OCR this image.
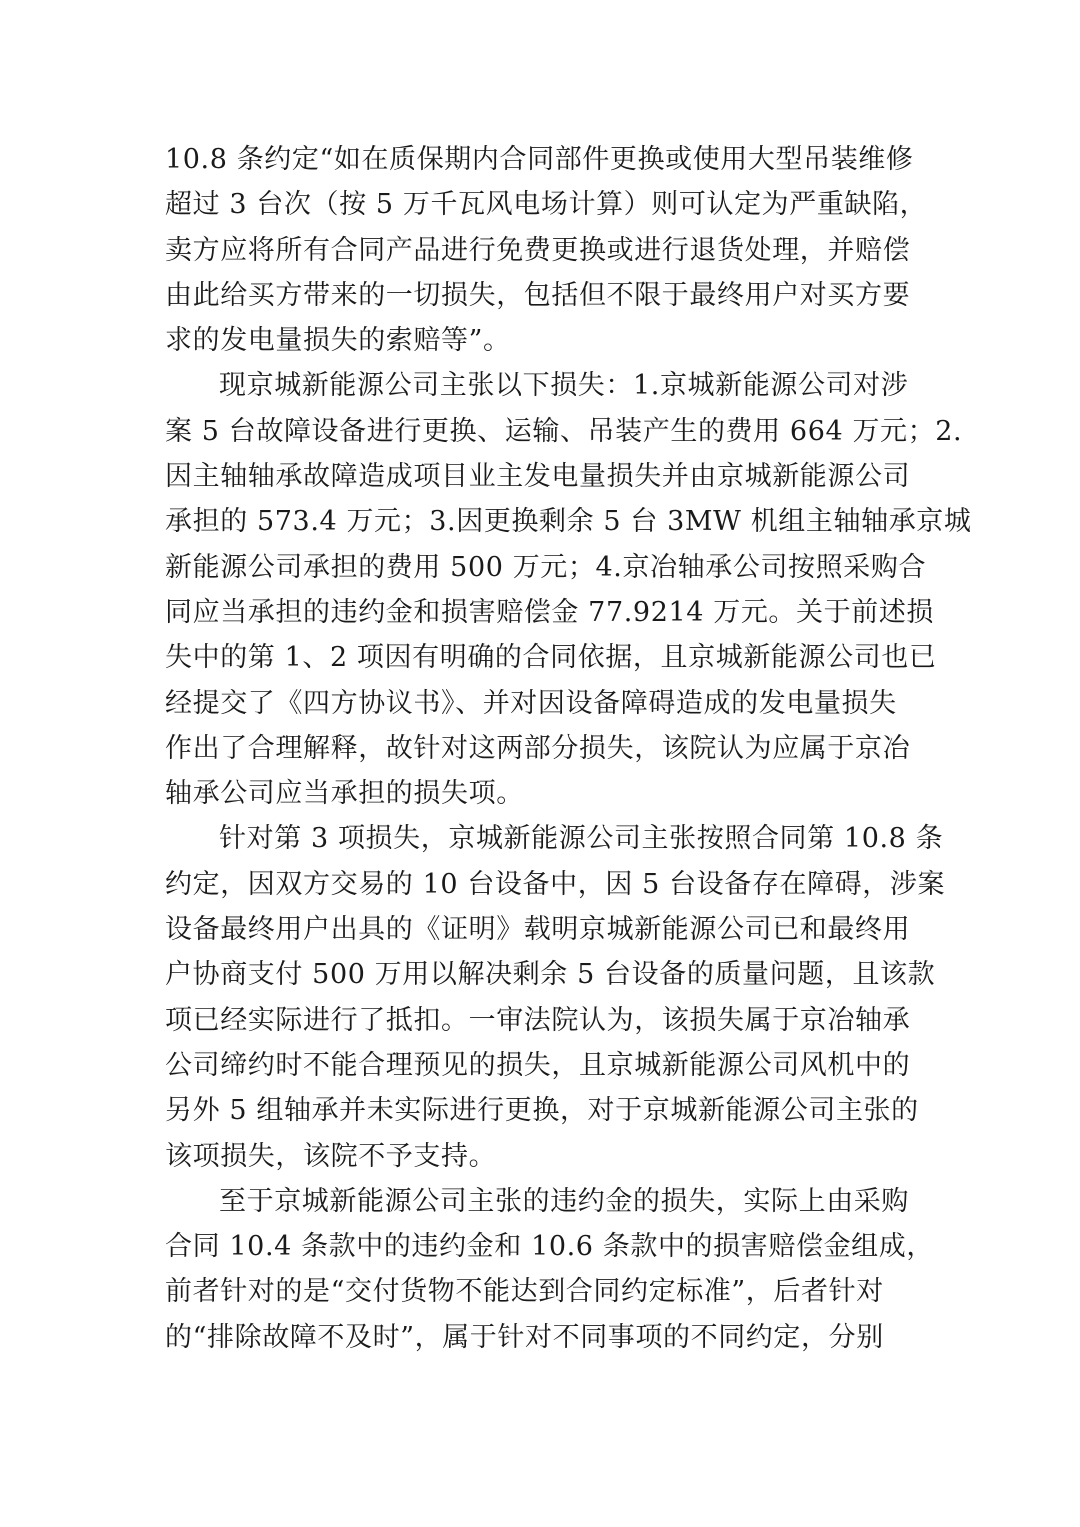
10.8 条约定“如在质保期内合同部件更换或使用大型吊装维修
超过 3 台次（按 5 万千瓦风电场计算）则可认定为严重缺陷，
卖方应将所有合同产品进行免费更换或进行退货处理，并赔偿
由此给买方带来的一切损失，包括但不限于最终用户对买方要
求的发电量损失的索赔等”。
现京城新能源公司主张以下损失：1.京城新能源公司对涉
案 5 台故障设备进行更换、运输、吊装产生的费用 664 万元；2.
因主轴轴承故障造成项目业主发电量损失并由京城新能源公司
承担的 573.4 万元；3.因更换剩余 5 台 3MW 机组主轴轴承京城
新能源公司承担的费用 500 万元；4.京冶轴承公司按照采购合
同应当承担的违约金和损害赔偿金 77.9214 万元。关于前述损
失中的第 1、2 项因有明确的合同依据，且京城新能源公司也已
经提交了《四方协议书》、并对因设备障碍造成的发电量损失
作出了合理解释，故针对这两部分损失，该院认为应属于京冶
轴承公司应当承担的损失项。
针对第 3 项损失，京城新能源公司主张按照合同第 10.8 条
约定，因双方交易的 10 台设备中，因 5 台设备存在障碍，涉案
设备最终用户出具的《证明》载明京城新能源公司已和最终用
户协商支付 500 万用以解决剩余 5 台设备的质量问题，且该款
项已经实际进行了抵扣。一审法院认为，该损失属于京冶轴承
公司缔约时不能合理预见的损失，且京城新能源公司风机中的
另外 5 组轴承并未实际进行更换，对于京城新能源公司主张的
该项损失，该院不予支持。
至于京城新能源公司主张的违约金的损失，实际上由采购
合同 10.4 条款中的违约金和 10.6 条款中的损害赔偿金组成，
前者针对的是“交付货物不能达到合同约定标准”，后者针对
的“排除故障不及时”，属于针对不同事项的不同约定，分别
